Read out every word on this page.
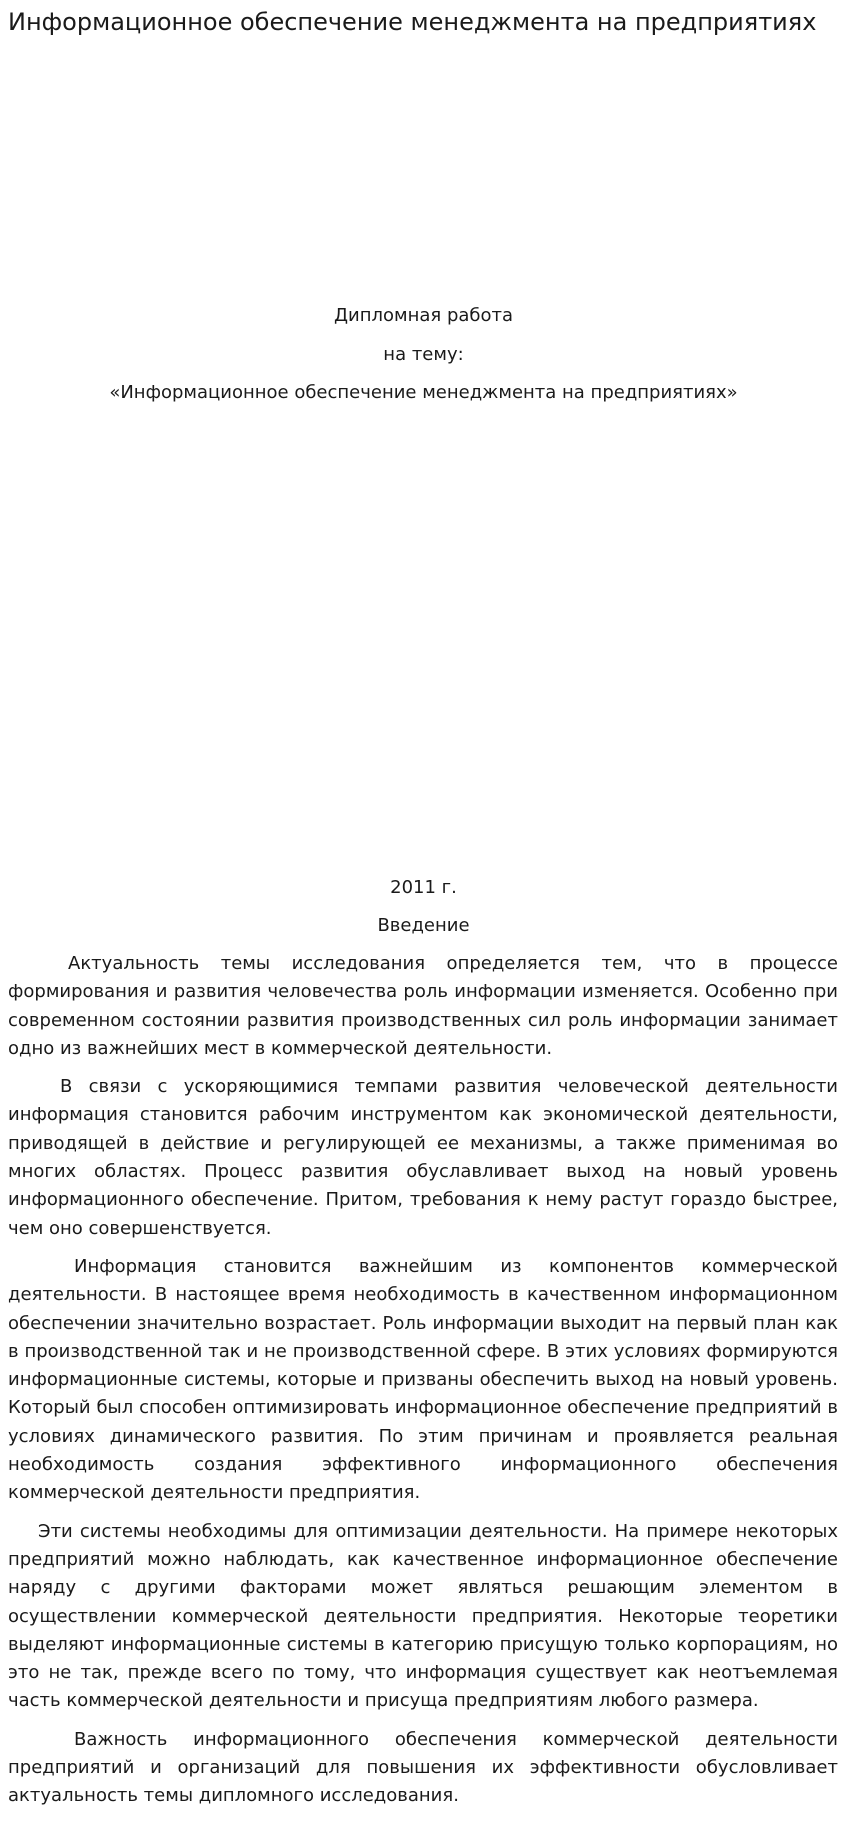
Информационное обеспечение менеджмента на предприятиях

Дипломная работа

на тему:

«Информационное обеспечение менеджмента на предприятиях»

2011 г.

Введение

Актуальность темы исследования определяется тем, что в процессе формирования и развития человечества роль информации изменяется. Особенно при современном состоянии развития производственных сил роль информации занимает одно из важнейших мест в коммерческой деятельности.

В связи с ускоряющимися темпами развития человеческой деятельности информация становится рабочим инструментом как экономической деятельности, приводящей в действие и регулирующей ее механизмы, а также применимая во многих областях. Процесс развития обуславливает выход на новый уровень информационного обеспечение. Притом, требования к нему растут гораздо быстрее, чем оно совершенствуется.

Информация становится важнейшим из компонентов коммерческой деятельности. В настоящее время необходимость в качественном информационном обеспечении значительно возрастает. Роль информации выходит на первый план как в производственной так и не производственной сфере. В этих условиях формируются информационные системы, которые и призваны обеспечить выход на новый уровень. Который был способен оптимизировать информационное обеспечение предприятий в условиях динамического развития. По этим причинам и проявляется реальная необходимость создания эффективного информационного обеспечения коммерческой деятельности предприятия.

Эти системы необходимы для оптимизации деятельности. На примере некоторых предприятий можно наблюдать, как качественное информационное обеспечение наряду с другими факторами может являться решающим элементом в осуществлении коммерческой деятельности предприятия. Некоторые теоретики выделяют информационные системы в категорию присущую только корпорациям, но это не так, прежде всего по тому, что информация существует как неотъемлемая часть коммерческой деятельности и присуща предприятиям любого размера.

Важность информационного обеспечения коммерческой деятельности предприятий и организаций для повышения их эффективности обусловливает актуальность темы дипломного исследования.
